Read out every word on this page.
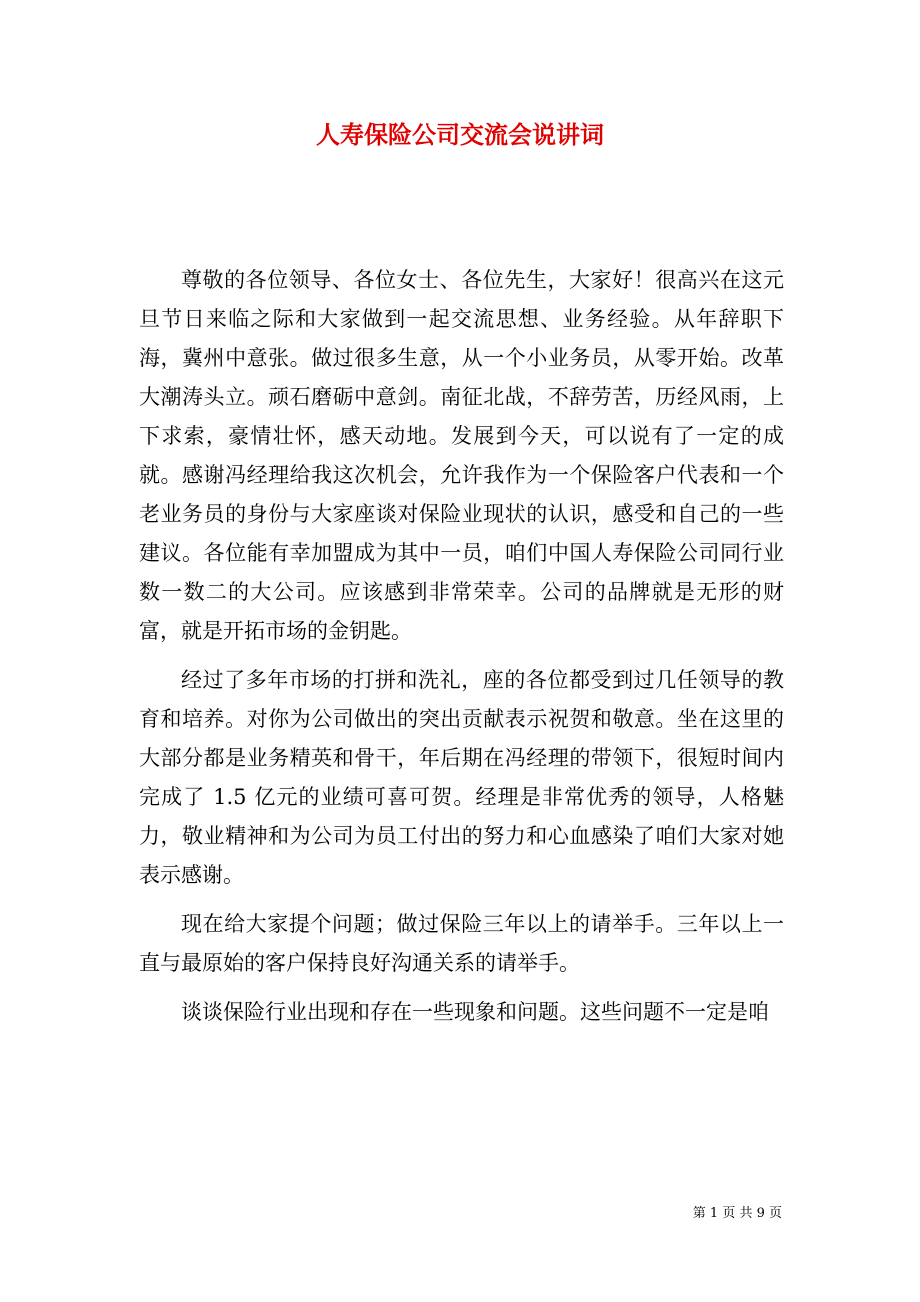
人寿保险公司交流会说讲词

尊敬的各位领导、各位女士、各位先生，大家好！很高兴在这元旦节日来临之际和大家做到一起交流思想、业务经验。从年辞职下海，冀州中意张。做过很多生意，从一个小业务员，从零开始。改革大潮涛头立。顽石磨砺中意剑。南征北战，不辞劳苦，历经风雨，上下求索，豪情壮怀，感天动地。发展到今天，可以说有了一定的成就。感谢冯经理给我这次机会，允许我作为一个保险客户代表和一个老业务员的身份与大家座谈对保险业现状的认识，感受和自己的一些建议。各位能有幸加盟成为其中一员，咱们中国人寿保险公司同行业数一数二的大公司。应该感到非常荣幸。公司的品牌就是无形的财富，就是开拓市场的金钥匙。

经过了多年市场的打拼和洗礼，座的各位都受到过几任领导的教育和培养。对你为公司做出的突出贡献表示祝贺和敬意。坐在这里的大部分都是业务精英和骨干，年后期在冯经理的带领下，很短时间内完成了 1.5 亿元的业绩可喜可贺。经理是非常优秀的领导，人格魅力，敬业精神和为公司为员工付出的努力和心血感染了咱们大家对她表示感谢。

现在给大家提个问题；做过保险三年以上的请举手。三年以上一直与最原始的客户保持良好沟通关系的请举手。

谈谈保险行业出现和存在一些现象和问题。这些问题不一定是咱

第 1 页 共 9 页
